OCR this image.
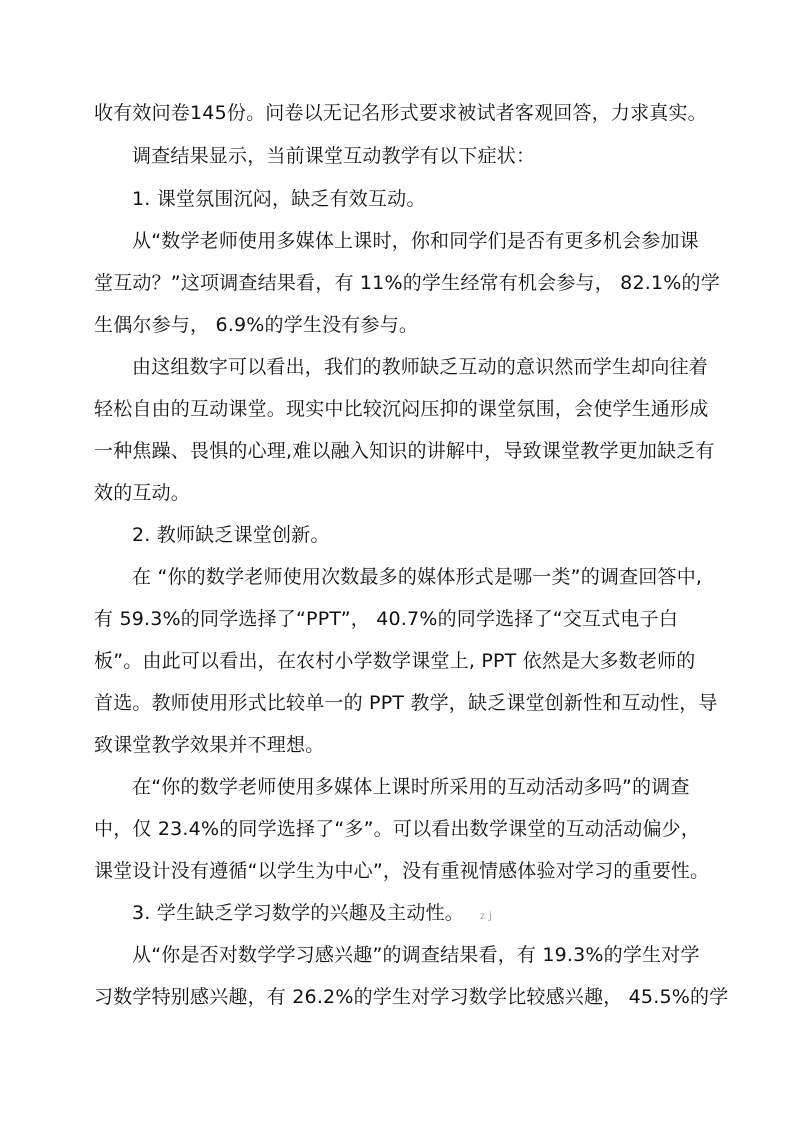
收有效问卷145份。问卷以无记名形式要求被试者客观回答，力求真实。
调查结果显示，当前课堂互动教学有以下症状：
1. 课堂氛围沉闷，缺乏有效互动。
从“数学老师使用多媒体上课时，你和同学们是否有更多机会参加课
堂互动？”这项调查结果看，有 11%的学生经常有机会参与， 82.1%的学
生偶尔参与， 6.9%的学生没有参与。
由这组数字可以看出，我们的教师缺乏互动的意识然而学生却向往着
轻松自由的互动课堂。现实中比较沉闷压抑的课堂氛围，会使学生通形成
一种焦躁、畏惧的心理,难以融入知识的讲解中，导致课堂教学更加缺乏有
效的互动。
2. 教师缺乏课堂创新。
在 “你的数学老师使用次数最多的媒体形式是哪一类”的调查回答中,
有 59.3%的同学选择了“PPT”， 40.7%的同学选择了“交互式电子白
板”。由此可以看出，在农村小学数学课堂上, PPT 依然是大多数老师的
首选。教师使用形式比较单一的 PPT 教学，缺乏课堂创新性和互动性，导
致课堂教学效果并不理想。
在“你的数学老师使用多媒体上课时所采用的互动活动多吗”的调查
中，仅 23.4%的同学选择了“多”。可以看出数学课堂的互动活动偏少，
课堂设计没有遵循“以学生为中心”，没有重视情感体验对学习的重要性。
3. 学生缺乏学习数学的兴趣及主动性。 z j
从“你是否对数学学习感兴趣”的调查结果看，有 19.3%的学生对学
习数学特别感兴趣，有 26.2%的学生对学习数学比较感兴趣， 45.5%的学
